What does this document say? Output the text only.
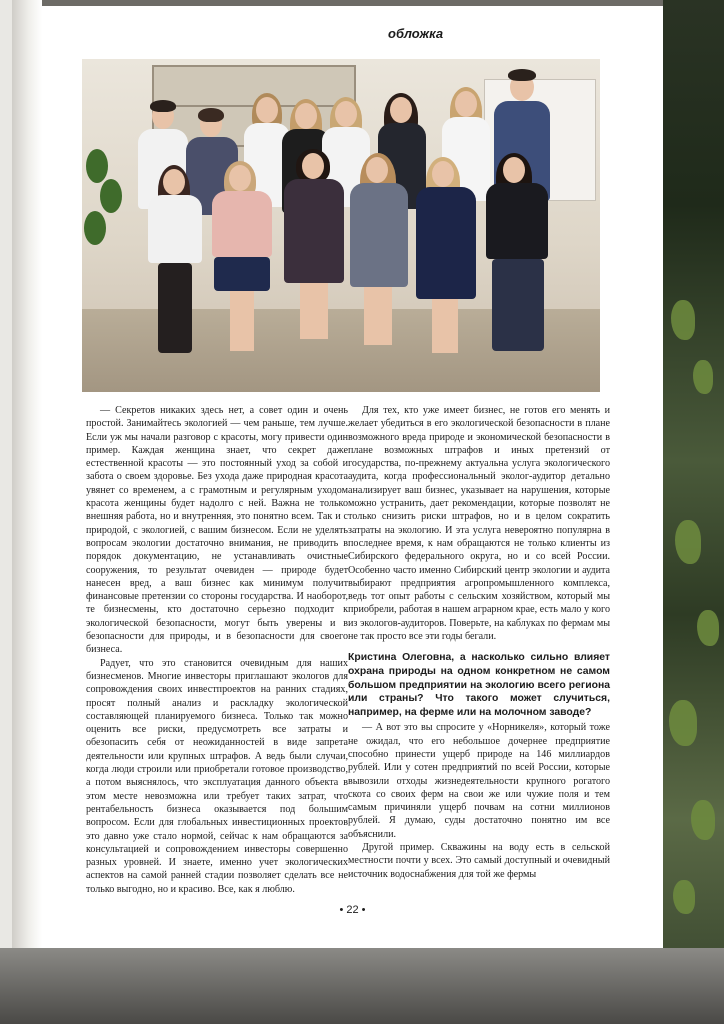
обложка

— Секретов никаких здесь нет, а совет один и очень простой. Занимайтесь экологией — чем раньше, тем лучше. Если уж мы начали разговор с красоты, могу привести один пример. Каждая женщина знает, что секрет даже естественной красоты — это постоянный уход за собой и забота о своем здоровье. Без ухода даже природная красота увянет со временем, а с грамотным и регулярным уходом красота женщины будет надолго с ней. Важна не только внешняя работа, но и внутренняя, это понятно всем. Так и с природой, с экологией, с вашим бизнесом. Если не уделять вопросам экологии достаточно внимания, не приводить в порядок документацию, не устанавливать очистные сооружения, то результат очевиден — природе будет нанесен вред, а ваш бизнес как минимум получит финансовые претензии со стороны государства. И наоборот, те бизнесмены, кто достаточно серьезно подходит к экологической безопасности, могут быть уверены и в безопасности для природы, и в безопасности для своего бизнеса.

Радует, что это становится очевидным для наших бизнесменов. Многие инвесторы приглашают экологов для сопровождения своих инвестпроектов на ранних стадиях, просят полный анализ и раскладку экологической составляющей планируемого бизнеса. Только так можно оценить все риски, предусмотреть все затраты и обезопасить себя от неожиданностей в виде запрета деятельности или крупных штрафов. А ведь были случаи, когда люди строили или приобретали готовое производство, а потом выяснялось, что эксплуатация данного объекта в этом месте невозможна или требует таких затрат, что рентабельность бизнеса оказывается под большим вопросом. Если для глобальных инвестиционных проектов это давно уже стало нормой, сейчас к нам обращаются за консультацией и сопровождением инвесторы совершенно разных уровней. И знаете, именно учет экологических аспектов на самой ранней стадии позволяет сделать все не только выгодно, но и красиво. Все, как я люблю.

Для тех, кто уже имеет бизнес, не готов его менять и желает убедиться в его экологической безопасности в плане возможного вреда природе и экономической безопасности в плане возможных штрафов и иных претензий от государства, по-прежнему актуальна услуга экологического аудита, когда профессиональный эколог-аудитор детально анализирует ваш бизнес, указывает на нарушения, которые можно устранить, дает рекомендации, которые позволят не только снизить риски штрафов, но и в целом сократить затраты на экологию. И эта услуга невероятно популярна в последнее время, к нам обращаются не только клиенты из Сибирского федерального округа, но и со всей России. Особенно часто именно Сибирский центр экологии и аудита выбирают предприятия агропромышленного комплекса, ведь тот опыт работы с сельским хозяйством, который мы приобрели, работая в нашем аграрном крае, есть мало у кого из экологов-аудиторов. Поверьте, на каблуках по фермам мы не так просто все эти годы бегали.

Кристина Олеговна, а насколько сильно влияет охрана природы на одном конкретном не самом большом предприятии на экологию всего региона или страны? Что такого может случиться, например, на ферме или на молочном заводе?

— А вот это вы спросите у «Норникеля», который тоже не ожидал, что его небольшое дочернее предприятие способно принести ущерб природе на 146 миллиардов рублей. Или у сотен предприятий по всей России, которые вывозили отходы жизнедеятельности крупного рогатого скота со своих ферм на свои же или чужие поля и тем самым причиняли ущерб почвам на сотни миллионов рублей. Я думаю, суды достаточно понятно им все объяснили.

Другой пример. Скважины на воду есть в сельской местности почти у всех. Это самый доступный и очевидный источник водоснабжения для той же фермы

• 22 •
